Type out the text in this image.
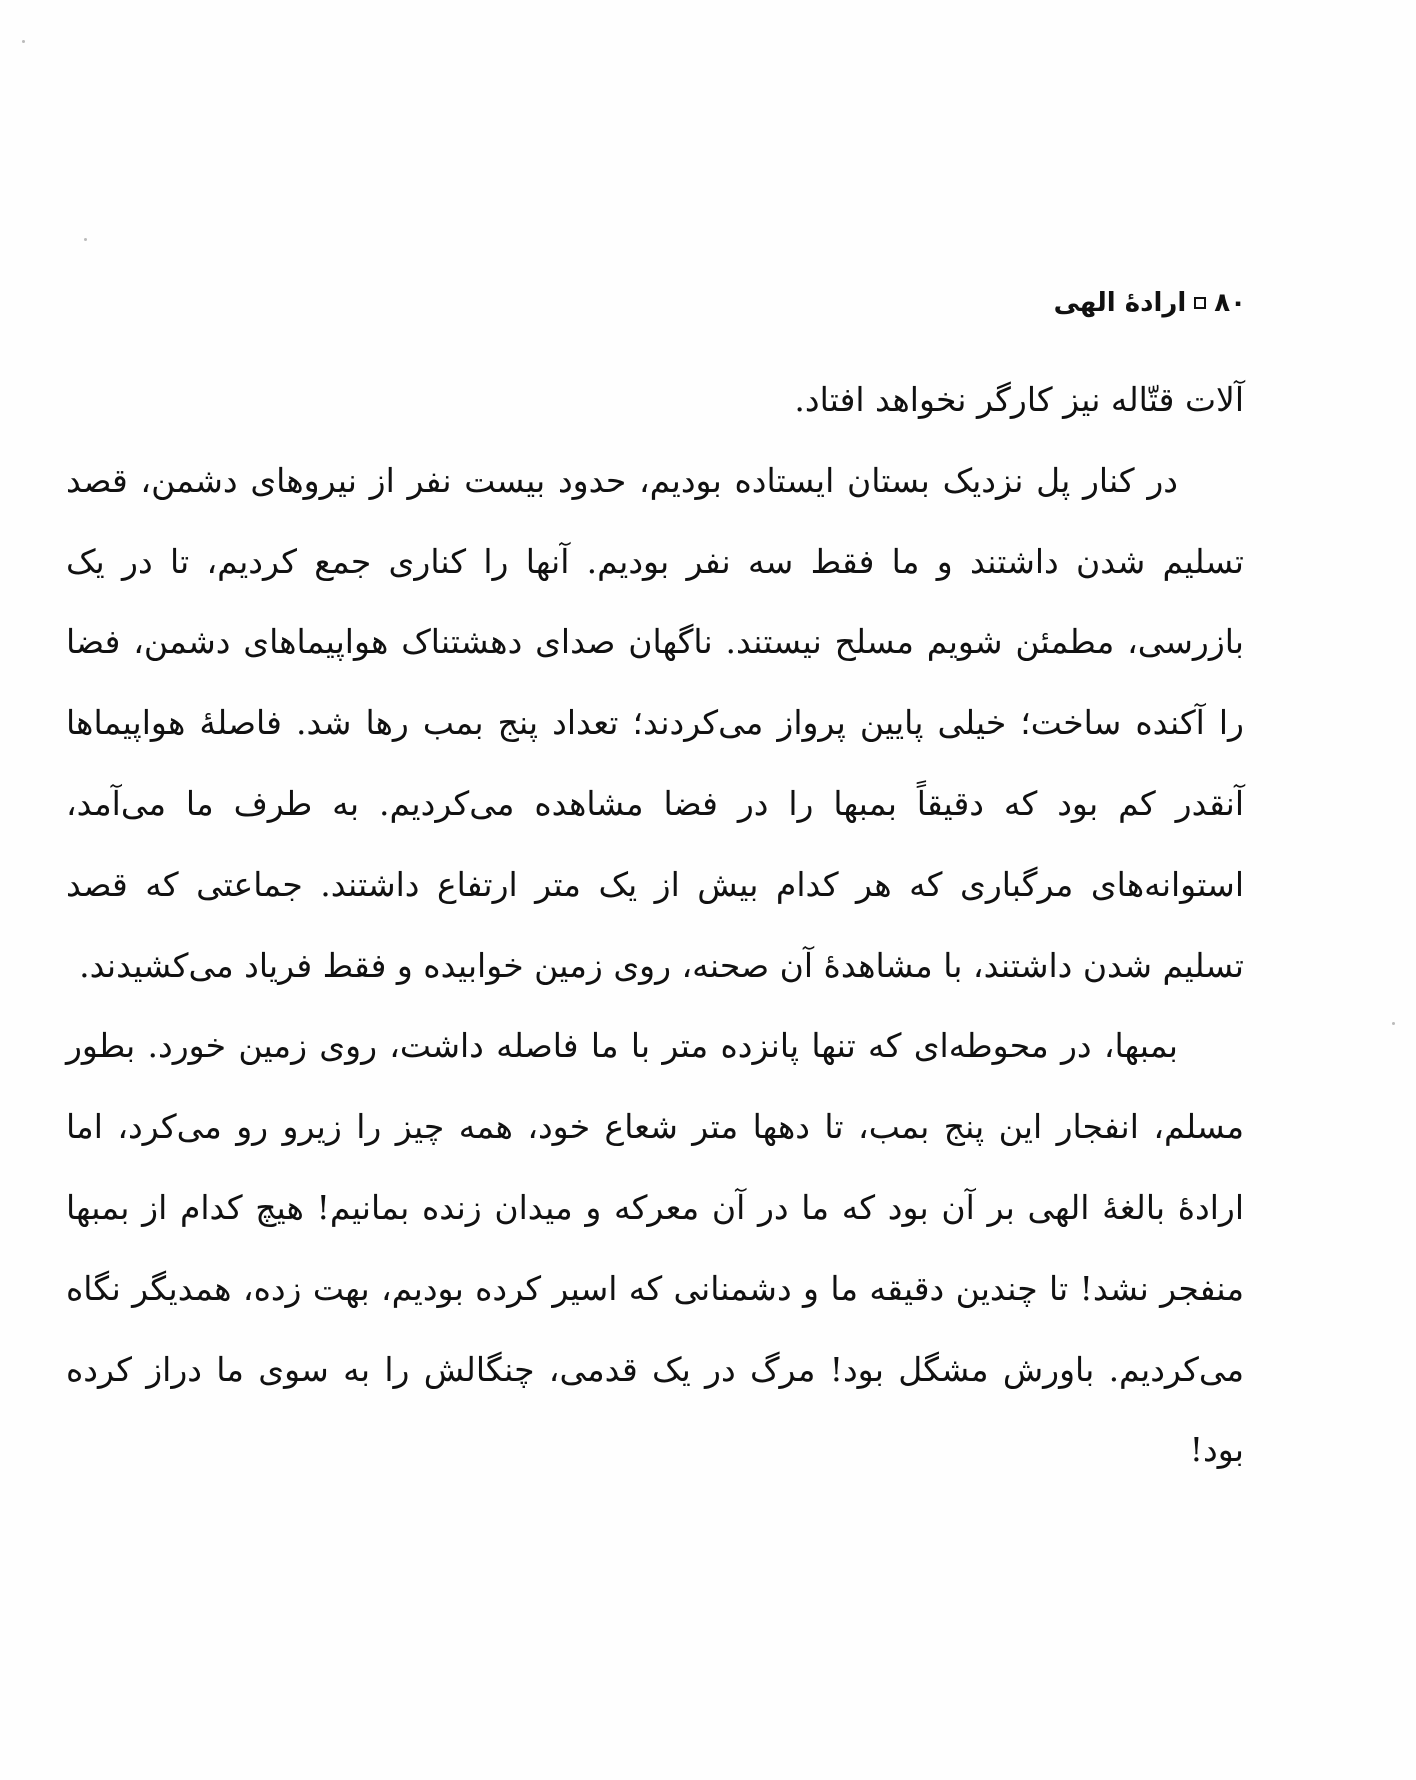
۸۰
ارادهٔ الهی

آلات قتّاله نیز کارگر نخواهد افتاد.

در کنار پل نزدیک بستان ایستاده بودیم، حدود بیست نفر از نیروهای دشمن، قصد تسلیم شدن داشتند و ما فقط سه نفر بودیم. آنها را کناری جمع کردیم، تا در یک بازرسی، مطمئن شویم مسلح نیستند. ناگهان صدای دهشتناک هواپیماهای دشمن، فضا را آکنده ساخت؛ خیلی پایین پرواز می‌کردند؛ تعداد پنج بمب رها شد. فاصلهٔ هواپیماها آنقدر کم بود که دقیقاً بمبها را در فضا مشاهده می‌کردیم. به طرف ما می‌آمد، استوانه‌های مرگباری که هر کدام بیش از یک متر ارتفاع داشتند. جماعتی که قصد تسلیم شدن داشتند، با مشاهدهٔ آن صحنه، روی زمین خوابیده و فقط فریاد می‌کشیدند.

بمبها، در محوطه‌ای که تنها پانزده متر با ما فاصله داشت، روی زمین خورد. بطور مسلم، انفجار این پنج بمب، تا دهها متر شعاع خود، همه چیز را زیرو رو می‌کرد، اما ارادهٔ بالغهٔ الهی بر آن بود که ما در آن معرکه و میدان زنده بمانیم! هیچ کدام از بمبها منفجر نشد! تا چندین دقیقه ما و دشمنانی که اسیر کرده بودیم، بهت زده، همدیگر نگاه می‌کردیم. باورش مشگل بود! مرگ در یک قدمی، چنگالش را به سوی ما دراز کرده بود!
